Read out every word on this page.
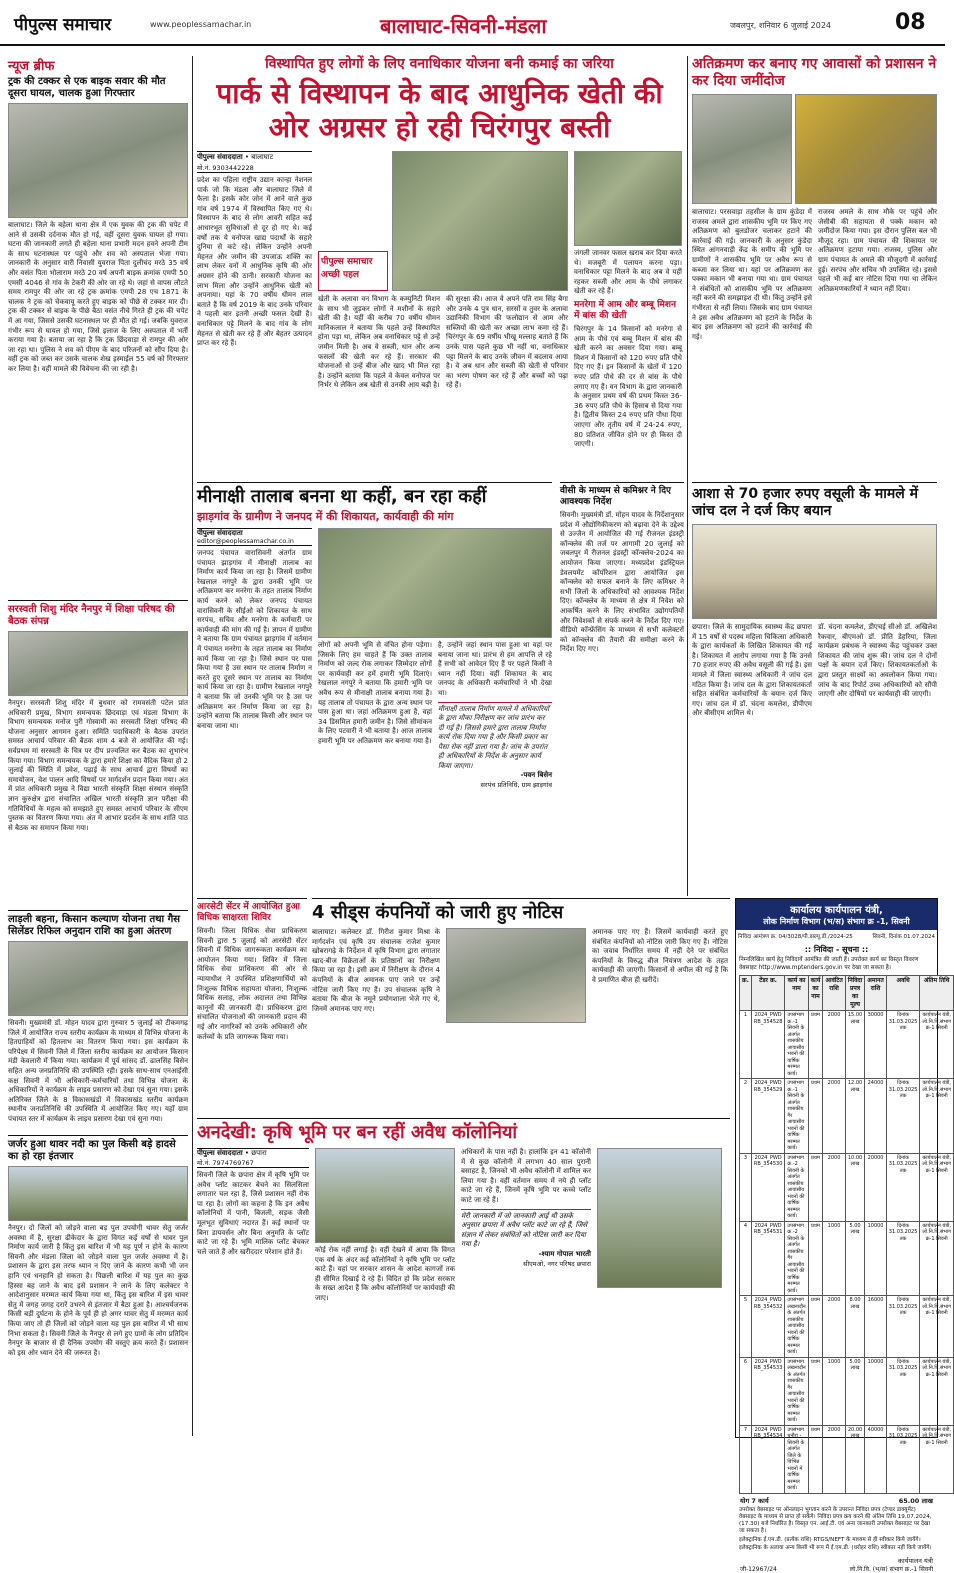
पीपुल्स समाचार	www.peoplessamachar.in	बालाघाट-सिवनी-मंडला	जबलपुर, शनिवार 6 जुलाई 2024	08
न्यूज ब्रीफ
ट्रक की टक्कर से एक बाइक सवार की मौत
दूसरा घायल, चालक हुआ गिरफ्तार
बालाघाट। जिले के बहेला थाना क्षेत्र में एक युवक की ट्रक की चपेट में आने से उसकी दर्दनाक मौत हो गई, वहीं दूसरा युवक घायल हो गया। घटना की जानकारी लगते ही बहेला थाना प्रभारी मदन हवने अपनी टीम के साथ घटनास्थल पर पहुंचे और शव को अस्पताल भेजा गया। जानकारी के अनुसार वारी निवासी युवराज पिता दुलीचंद मरठे 35 वर्ष और वसंत पिता भोलाराम मरठे 20 वर्ष अपनी बाइक क्रमांक एमपी 50 एमसी 4046 से गांव के टेकरी की ओर जा रहे थे। जहां से वापस लौटते समय रामपुर की ओर जा रहे ट्रक क्रमांक एमपी 28 एच 1871 के चालक ने ट्रक को चेकवायू करते हुए बाइक को पीछे से टक्कर मार दी। ट्रक की टक्कर से बाइक के पीछे बैठा वसंत नीचे गिरते ही ट्रक की चपेट में आ गया, जिससे उसकी घटनास्थल पर ही मौत हो गई। जबकि युवराज गंभीर रूप से घायल हो गया, जिसे इलाज के लिए अस्पताल में भर्ती कराया गया है। बताया जा रहा है कि ट्रक छिंदवाड़ा से रामपुर की ओर जा रहा था। पुलिस ने शव को पीएम के बाद परिजनों को सौंप दिया है। वहीं ट्रक को जब्त कर उसके चालक शेख इस्माईल 55 वर्ष को गिरफ्तार कर लिया है। वहीं मामले की विवेचना की जा रही है।
सरस्वती शिशु मंदिर नैनपुर में शिक्षा परिषद की बैठक संपन्न
नैनपुर। सरस्वती शिशु मंदिर में बुधवार को रामवसंती पटेल प्रांत अधिकारी प्रमुख, विभाग समन्वयक छिंदवाड़ा एवं मंडला विभाग के विभाग समन्वयक मनोज पुरी गोस्वामी का सरस्वती शिक्षा परिषद की योजना अनुसार आगमन हुआ। समिति पदाधिकारी के बैठक उपरांत समस्त आचार्य परिवार की बैठक शाम 4 बजे से आयोजित की गई। सर्वप्रथम मां सरस्वती के चित्र पर दीप प्रज्वलित कर बैठक का शुभारंभ किया गया। विभाग समन्वयक के द्वारा हमारे शिक्षा का वैदिक किया हो 2 जुलाई की स्थिति में प्रवेश, पढ़ाई के साथ आचार्य द्वारा विषयों का समायोजन, वेश पालन आदि विषयों पर मार्गदर्शन प्रदान किया गया। अंत में प्रांत अधिकारी प्रमुख ने विद्या भारती संस्कृति शिक्षा संस्थान संस्कृति ज्ञान कुरुक्षेत्र द्वारा संचालित अखिल भारती संस्कृति ज्ञान परीक्षा की गतिविधियों के महत्व को समझाते हुए समस्त आचार्य परिवार के सीएम पुस्तक का वितरण किया गया। अंत में आभार प्रदर्शन के साथ शांति पाठ से बैठक का समापन किया गया।
लाड़ली बहना, किसान कल्याण योजना तथा गैस सिलेंडर रिफिल अनुदान राशि का हुआ अंतरण
सिवनी। मुख्यमंत्री डॉ. मोहन यादव द्वारा गुरुवार 5 जुलाई को टीकमगढ़ जिले में आयोजित राज्य स्तरीय कार्यक्रम के माध्यम से विभिन्न योजना के हितग्राहियों को हितलाभ का वितरण किया गया। इस कार्यक्रम के परिपेक्ष्य में सिवनी जिले में जिला स्तरीय कार्यक्रम का आयोजन किसान मंडी केवलारी में किया गया। कार्यक्रम में पूर्व सांसद डॉ. ढालसिंह बिसेन सहित अन्य जनप्रतिनिधि की उपस्थिति रही। इसके साथ-साथ एनआईसी कक्ष सिवनी में भी अधिकारी-कर्मचारियों तथा विभिन्न योजना के अधिकारियों ने कार्यक्रम के लाइव प्रसारण को देखा एवं सुना गया। इसके अतिरिक्त जिले के 8 विकासखंडों में विकासखंड स्तरीय कार्यक्रम स्थानीय जनप्रतिनिधि की उपस्थिति में आयोजित किए गए। यहाँ ग्राम पंचायत स्तर में कार्यक्रम के लाइव प्रसारण देखा एवं सुना गया।
जर्जर हुआ थावर नदी का पुल किसी बड़े हादसे का हो रहा इंतजार
नैनपुर। दो जिलों को जोड़ने वाला बड़ पुल उपयोगी थावर सेतु जर्जर अवस्था में है, सुरक्षा ढीकेदार के द्वारा विगत कई वर्षों से थावर पुल निर्माण कार्य जारी है किंतु इस बारिश में भी यह पूर्ण न होने के कारण सिवनी और मंडला जिला को जोड़ने वाला पुल जर्जर अवस्था में है। प्रशासन के द्वारा इस तरफ ध्यान न दिए जाने के कारण कभी भी जन हानि एवं धनहानि हो सकता है। पिछली बारिश में यह पुल का कुछ हिस्सा बह जाने के बाद इसे प्रशासन ने लाने के लिए कलेक्टर ने आदेशानुसार मरम्मत कार्य किया गया था, किंतु इस बारिश में इस थावर सेतु में जगह जगह दरारें उभरने से इंतजार में बैठा हुआ है। आश्चर्यजनक किसी बड़ी दुर्घटना के होने के पूर्व ही हो अगर थावर सेतु में मरम्मत कार्य किया जाए तो ही जिलों को जोड़ने वाला यह पुल इस बारिश में भी साथ निभा सकता है। सिवनी जिले के नैनपुर से लगे हुए ग्रामों के लोग प्रतिदिन नैनपुर के बाजार से ही दैनिक उपयोग की वस्तुएं क्रय करते हैं। प्रशासन को इस ओर ध्यान देने की जरूरत है।
विस्थापित हुए लोगों के लिए वनाधिकार योजना बनी कमाई का जरिया
पार्क से विस्थापन के बाद आधुनिक खेती की ओर अग्रसर हो रही चिरंगपुर बस्ती
पीपुल्स संवाददाता • बालाघाट
मो.नं. 9303442228
प्रदेश का पहिला राष्ट्रीय उद्यान कान्हा नेशनल पार्क जो कि मंडला और बालाघाट जिले में फैला है। इसके कोर जोन में आने वाले कुछ गांव वर्ष 1974 में विस्थापित किए गए थे। विस्थापन के बाद से लोग आवरी सहित कई आधारभूत सुविधाओं से दूर हो गए थे। कई वर्षों तक ये वनोपज खाद्य पदार्थों के सहारे दुनिया से कटे रहे। लेकिन उन्होंने अपनी मेहनत और जमीन की उपजाऊ शक्ति का लाभ लेकर वनों में आधुनिक कृषि की ओर अग्रसर होने की ठानी। सरकारी योजना का लाभ मिला और उन्होंने आधुनिक खेती को अपनाया। यहां के 70 वर्षीय धीमन लाल बताते हैं कि वर्ष 2019 के बाद उनके परिवार ने पहली बार इतनी अच्छी फसल देखी है। वनाधिकार पट्टे मिलने के बाद गांव के लोग मेहनत से खेती कर रहे हैं और बेहतर उत्पादन प्राप्त कर रहे हैं।
पीपुल्स समाचार अच्छी पहल
खेती के अलावा वन विभाग के कम्युनिटी मिशन के साथ भी जुड़कर लोगों ने मशीनों के सहारे खेती की है। यहीं की करीब 70 वर्षीय धीमन मानिकलाल ने बताया कि पहले उन्हें विस्थापित होना पड़ा था, लेकिन अब वनाधिकार पट्टे से उन्हें जमीन मिली है। अब वे सब्जी, धान और अन्य फसलों की खेती कर रहे हैं। सरकार की योजनाओं से उन्हें बीज और खाद भी मिल रहा है। उन्होंने बताया कि पहले वे केवल वनोपज पर निर्भर थे लेकिन अब खेती से उनकी आय बढ़ी है।
की सुरक्षा की। आज वे अपने पति राम सिंह बैगा और उनके 4 पुत्र धान, सरसों व तुवर के अलावा उद्यानिकी विभाग की फलोद्यान से आम और सब्जियों की खेती कर अच्छा लाभ कमा रहे हैं। चिरंगपुर के 69 वर्षीय भीखू मल्लाह बताते हैं कि उनके पास पहले कुछ भी नहीं था, वनाधिकार पट्टा मिलने के बाद उनके जीवन में बदलाव आया है। वे अब धान और सब्जी की खेती से परिवार का भरण पोषण कर रहे हैं और बच्चों को पढ़ा रहे हैं।
जंगली जानवर फसल खराब कर दिया करते थे। मजबूरी में पलायन करना पड़ा। वनाधिकार पट्टा मिलने के बाद अब वे यहीं रहकर सब्जी और आम के पौधे लगाकर खेती कर रहे हैं।
मनरेगा में आम और बम्बू मिशन में बांस की खेती
चिरंगपुर के 14 किसानों को मनरेगा से आम के पौधे एवं बम्बू मिशन में बांस की खेती करने का अवसर दिया गया। बम्बू मिशन में किसानों को 120 रुपए प्रति पौधे दिए गए हैं। इन किसानों के खेतों में 120 रुपए प्रति पौधे की दर से बांस के पौधे लगाए गए हैं। वन विभाग के द्वारा जानकारी के अनुसार प्रथम वर्ष की प्रथम किस्त 36-36 रुपए प्रति पौधे के हिसाब से दिया गया है। द्वितीय किस्त 24 रुपए प्रति पौधा दिया जाएगा और तृतीय वर्ष में 24-24 रुपए, 80 प्रतिशत जीवित होने पर ही किस्त दी जाएगी।
अतिक्रमण कर बनाए गए आवासों को प्रशासन ने कर दिया जमींदोज
बालाघाट। परसवाड़ा तहसील के ग्राम कुंडेदा में राजस्व अमले द्वारा शासकीय भूमि पर किए गए अतिक्रमण को बुलडोजर चलाकर हटाने की कार्रवाई की गई। जानकारी के अनुसार कुंडेदा स्थित आंगनवाड़ी केंद्र के समीप की भूमि पर ग्रामीणों ने शासकीय भूमि पर अवैध रूप से कब्जा कर लिया था। यहां पर अतिक्रमण कर पक्का मकान भी बनाया गया था। ग्राम पंचायत ने संबंधितों को शासकीय भूमि पर अतिक्रमण नहीं करने की समझाइश दी थी। किंतु उन्होंने इसे गंभीरता से नहीं लिया। जिसके बाद ग्राम पंचायत ने इस अवैध अतिक्रमण को हटाने के निर्देश के बाद इस अतिक्रमण को हटाने की कार्रवाई की गई।
राजस्व अमले के साथ मौके पर पहुंचे और जेसीबी की सहायता से पक्के मकान को जमींदोज किया गया। इस दौरान पुलिस बल भी मौजूद रहा। ग्राम पंचायत की शिकायत पर अतिक्रमण हटाया गया। राजस्व, पुलिस और ग्राम पंचायत के अमले की मौजूदगी में कार्रवाई हुई। सरपंच और सचिव भी उपस्थित रहे। इससे पहले भी कई बार नोटिस दिया गया था लेकिन अतिक्रमणकारियों ने ध्यान नहीं दिया।
मीनाक्षी तालाब बनना था कहीं, बन रहा कहीं
झाड़गांव के ग्रामीण ने जनपद में की शिकायत, कार्यवाही की मांग
पीपुल्स संवाददाता
editor@peoplessamachar.co.in
जनपद पंचायत वारासिवनी अंतर्गत ग्राम पंचायत झाड़गांव में मीनाक्षी तालाब का निर्माण कार्य किया जा रहा है। जिसमें ग्रामीण रेखलाल नगपुरे के द्वारा उनकी भूमि पर अतिक्रमण कर मनरेगा के तहत तालाब निर्माण कार्य करने को लेकर जनपद पंचायत वारासिवनी के सीईओ को शिकायत के साथ सरपंच, सचिव और मनरेगा के कर्मचारी पर कार्यवाही की मांग की गई है। ज्ञापन में ग्रामीण ने बताया कि ग्राम पंचायत झाड़गांव में वर्तमान में पंचायत मनरेगा के तहत तालाब का निर्माण कार्य किया जा रहा है। जिसे स्थान पर पास किया गया है उस स्थान पर तालाब निर्माण न करते हुए दूसरे स्थान पर तालाब का निर्माण कार्य किया जा रहा है। ग्रामीण रेखलाल नगपुरे ने बताया कि जो उनकी भूमि पर है उस पर अतिक्रमण कर निर्माण किया जा रहा है। उन्होंने बताया कि तालाब किसी और स्थान पर बनाया जाना था।
लोगों को अपनी भूमि से वंचित होना पड़ेगा। जिसके लिए हम चाहते हैं कि उक्त तालाब निर्माण को जल्द रोक लगाकर जिम्मेदार लोगों पर कार्यवाही कर हमें हमारी भूमि दिलाएं। रेखलाल नगपुरे ने बताया कि हमारी भूमि पर अवैध रूप से मीनाक्षी तालाब बनाया गया है। यह तालाब तो पंचायत के द्वारा अन्य स्थान पर पास हुआ था। जहां अतिक्रमण हुआ है, वहां 34 डिसमिल हमारी जमीन है। जिसे सीमांकन के लिए पटवारी ने भी बताया है। आज तालाब हमारी भूमि पर अतिक्रमण कर बनाया गया है।
है, उन्होंने जहां स्थान पास हुआ था वहां पर बनाया जाना था। प्रारंभ से हम आपत्ति ले रहे हैं सभी को आवेदन दिए हैं पर पहले किसी ने ध्यान नहीं दिया। वहीं शिकायत के बाद जनपद के अधिकारी कर्मचारियों ने भी देखा था।
मीनाक्षी तालाब निर्माण मामले में अधिकारियों के द्वारा मौका निरीक्षण कर जांच प्रारंभ कर दी गई है। जिससे हमारे द्वारा तालाब निर्माण कार्य रोक दिया गया है और किसी प्रकार का पैसा रोक नहीं डाला गया है। जांच के उपरांत ही अधिकारियों के निर्देश के अनुसार कार्य किया जाएगा।
-पवन बिसेन
सरपंच प्रतिनिधि, ग्राम झाड़गांव
वीसी के माध्यम से कमिश्नर ने दिए आवश्यक निर्देश
सिवनी। मुख्यमंत्री डॉ. मोहन यादव के निर्देशानुसार प्रदेश में औद्योगिकीकरण को बढ़ावा देने के उद्देश्य से उज्जैन में आयोजित की गई रीजनल इंडस्ट्री कॉन्क्लेव की तर्ज पर आगामी 20 जुलाई को जबलपुर में रीजनल इंडस्ट्री कॉन्क्लेव-2024 का आयोजन किया जाएगा। मध्यप्रदेश इंडस्ट्रियल डेवलपमेंट कॉर्पोरेशन द्वारा आयोजित इस कॉन्क्लेव को सफल बनाने के लिए कमिश्नर ने सभी जिलों के अधिकारियों को आवश्यक निर्देश दिए। कॉन्क्लेव के माध्यम से क्षेत्र में निवेश को आकर्षित करने के लिए संभावित उद्योगपतियों और निवेशकों से संपर्क करने के निर्देश दिए गए। वीडियो कॉन्फ्रेंसिंग के माध्यम से सभी कलेक्टरों को कॉन्क्लेव की तैयारी की समीक्षा करने के निर्देश दिए गए।
आशा से 70 हजार रुपए वसूली के मामले में जांच दल ने दर्ज किए बयान
छपारा। जिले के सामुदायिक स्वास्थ्य केंद्र छपारा में 15 वर्षों से पदस्थ महिला चिकित्सा अधिकारी के द्वारा कार्यकर्ता के लिखित शिकायत की गई है। शिकायत में आरोप लगाया गया है कि उनसे 70 हजार रुपए की अवैध वसूली की गई है। इस मामले में जिला स्वास्थ्य अधिकारी ने जांच दल गठित किया है। जांच दल के द्वारा शिकायतकर्ता सहित संबंधित कर्मचारियों के बयान दर्ज किए गए। जांच दल में डॉ. चंदना कमलेश, डीपीएम और बीसीएम शामिल थे।
डॉ. चंदना कमलेश, डीएचई सीओ डॉ. अखिलेश रैकवार, बीएमओ डॉ. प्रीति डेहरिया, जिला कार्यक्रम प्रबंधक ने स्वास्थ्य केंद्र पहुंचकर उक्त शिकायत की जांच शुरू की। जांच दल ने दोनों पक्षों के बयान दर्ज किए। शिकायतकर्ताओं के द्वारा प्रस्तुत साक्ष्यों का अवलोकन किया गया। जांच के बाद रिपोर्ट उच्च अधिकारियों को सौंपी जाएगी और दोषियों पर कार्यवाही की जाएगी।
आरसेटी सेंटर में आयोजित हुआ विधिक साक्षरता शिविर
सिवनी। जिला विधिक सेवा प्राधिकरण सिवनी द्वारा 5 जुलाई को आरसेटी सेंटर सिवनी में विधिक जागरूकता कार्यक्रम का आयोजन किया गया। शिविर में जिला विधिक सेवा प्राधिकरण की ओर से न्यायाधीश ने उपस्थित प्रशिक्षणार्थियों को निःशुल्क विधिक सहायता योजना, निःशुल्क विधिक सलाह, लोक अदालत तथा विभिन्न कानूनों की जानकारी दी। प्राधिकरण द्वारा संचालित योजनाओं की जानकारी प्रदान की गई और नागरिकों को उनके अधिकारों और कर्तव्यों के प्रति जागरूक किया गया।
4 सीड्स कंपनियों को जारी हुए नोटिस
बालाघाट। कलेक्टर डॉ. गिरीश कुमार मिश्रा के मार्गदर्शन एवं कृषि उप संचालक राजेश कुमार खोबरागढ़े के निर्देशन में कृषि विभाग द्वारा लगातार खाद-बीज विक्रेताओं के प्रतिष्ठानों का निरीक्षण किया जा रहा है। इसी क्रम में निरीक्षण के दौरान 4 कंपनियों के बीज अमानक पाए जाने पर उन्हें नोटिस जारी किए गए हैं। उप संचालक कृषि ने बताया कि बीज के नमूने प्रयोगशाला भेजे गए थे, जिनमें अमानक पाए गए।
अमानक पाए गए हैं। जिसमें कार्यवाही करते हुए संबंधित कंपनियों को नोटिस जारी किए गए हैं। नोटिस का जवाब निर्धारित समय में नहीं देने पर संबंधित कंपनियों के विरुद्ध बीज नियंत्रण आदेश के तहत कार्यवाही की जाएगी। किसानों से अपील की गई है कि वे प्रमाणित बीज ही खरीदें।
अनदेखी: कृषि भूमि पर बन रहीं अवैध कॉलोनियां
पीपुल्स संवाददाता • छपारा
मो.नं. 7974769767
सिवनी जिले के छपारा क्षेत्र में कृषि भूमि पर अवैध प्लॉट काटकर बेचने का सिलसिला लगातार चल रहा है, जिसे प्रशासन नहीं रोक पा रहा है। लोगों का कहना है कि इन अवैध कॉलोनियों में पानी, बिजली, सड़क जैसी मूलभूत सुविधाएं नदारत हैं। कई स्थानों पर बिना डायवर्सन और बिना अनुमति के प्लॉट काटे जा रहे हैं। भूमि मालिक प्लॉट बेचकर चले जाते हैं और खरीददार परेशान होते हैं।	कोई रोक नहीं लगाई है। वहीं देखने में आया कि विगत एक वर्ष के अंदर कई कॉलोनियों ने कृषि भूमि पर प्लॉट काटे हैं। यहां पर सरकार शासन के आदेश कागजों तक ही सीमित दिखाई दे रहे हैं। विदित हो कि प्रदेश सरकार के सख्त आदेश हैं कि अवैध कॉलोनियों पर कार्यवाही की जाए।
अधिकारों के पास नहीं है। हालांकि इन 41 कॉलोनी में से कुछ कॉलोनी में लगभग 40 साल पुरानी बसाहट है, जिनको भी अवैध कॉलोनी में शामिल कर लिया गया है। वहीं वर्तमान समय में नये ही प्लॉट काटे जा रहे हैं, जिनमें कृषि भूमि पर कच्चे प्लॉट काटे जा रहे हैं।
मेरी जानकारी में जो जानकारी आई थी उसके अनुसार छपारा में अवैध प्लॉट काटे जा रहे हैं, जिसे संज्ञान में लेकर संबंधितों को नोटिस जारी कर दिया गया है।
-श्याम गोपाल भारती
सीएमओ, नगर परिषद छपारा
कार्यालय कार्यपालन यंत्री,
लोक निर्माण विभाग (भ/स) संभाग क्र -1, सिवनी
निविदा आमंत्रण क्र. 04/3028/पी.डब्ल्यू.डी./2024-25	सिवनी, दिनांक 01.07.2024
:: निविदा - सूचना ::
निम्नलिखित कार्य हेतु निविदायें आमंत्रित की जाती हैं। उपरोक्त कार्य का विस्तृत विवरण वेबसाइट http://www.mptenders.gov.in पर देखा जा सकता है।
क्र.	टेंडर क्र.	कार्य का नाम	कार्य का नाम	आवंटित राशि	निविदा प्रपत्र का मूल्य	अमानत राशि	अवधि	अंतिम तिथि
1	2024_PWD RB_354528	उपसंभाग क्र.-1 सिवनी के अंतर्गत शासकीय आवासीय भवनों की वार्षिक मरम्मत कार्य।	प्रथम	2000	15.00 लाख	30000	दिनांक 31.03.2025 तक	कार्यपालन यंत्री, लो.नि.वि.संभाग क्र-1 सिवनी
2	2024_PWD RB_354529	उपसंभाग क्र.-1 सिवनी के अंतर्गत शासकीय गैर आवासीय भवनों की वार्षिक मरम्मत कार्य।	प्रथम	2000	12.00 लाख	24000	दिनांक 31.03.2025 तक	कार्यपालन यंत्री, लो.नि.वि.संभाग क्र-1 सिवनी
3	2024_PWD RB_354530	उपसंभाग क्र.-2 सिवनी के अंतर्गत शासकीय आवासीय भवनों की वार्षिक मरम्मत कार्य।	प्रथम	2000	10.00 लाख	20000	दिनांक 31.03.2025 तक	कार्यपालन यंत्री, लो.नि.वि.संभाग क्र-1 सिवनी
4	2024_PWD RB_354531	उपसंभाग क्र.-2 सिवनी के अंतर्गत शासकीय गैर आवासीय भवनों की वार्षिक मरम्मत कार्य।	प्रथम	1000	5.00 लाख	10000	दिनांक 31.03.2025 तक	कार्यपालन यंत्री, लो.नि.वि.संभाग क्र-1 सिवनी
5	2024_PWD RB_354532	उपसंभाग लखनादौन के अंतर्गत शासकीय आवासीय भवनों की वार्षिक मरम्मत कार्य।	प्रथम	2000	8.00 लाख	16000	दिनांक 31.03.2025 तक	कार्यपालन यंत्री, लो.नि.वि.संभाग क्र-1 सिवनी
6	2024_PWD RB_354533	उपसंभाग लखनादौन के अंतर्गत शासकीय गैर आवासीय भवनों की वार्षिक मरम्मत कार्य।	प्रथम	1000	5.00 लाख	10000	दिनांक 31.03.2025 तक	कार्यपालन यंत्री, लो.नि.वि.संभाग क्र-1 सिवनी
7	2024_PWD RB_354534	उपसंभाग धनौरा - सिवनी के अंतर्गत जिले के विभिन्न भवनों में वार्षिक मरम्मत कार्य।	प्रथम	2000	20.00 लाख	40000	दिनांक 31.03.2025 तक	कार्यपालन यंत्री, लो.नि.वि.संभाग क्र-1 सिवनी
योग 7 कार्य	65.00 लाख
उपरोक्त वेबसाइट पर ऑनलाइन भुगतान करने के उपरान्त निविदा प्रपत्र (टेण्डर डाक्यूमेंट) वेबसाइट के माध्यम से प्राप्त हो सकेंगे। निविदा प्रपत्र क्रय करने की अंतिम तिथि 19.07.2024, (17.30) बजे निर्धारित है। विस्तृत एन. आई.टी. एवं अन्य जानकारी उपरोक्त वेबसाइट पर देखा जा सकता है।
इलेक्ट्रानिक ई.एम.डी. (प्रत्येक राशि) RTGS/NEFT के माध्यम से ही स्वीकार किये जायेंगे। इलेक्ट्रानिक के अलावा अन्य किसी भी रूप में ई.एम.डी. (धरोहर राशि) स्वीकार नहीं किये जायेंगे।
जी-12967/24
कार्यपालन यंत्री
लो.नि.वि. (भ/स) संभाग क्र.-1 सिवनी
